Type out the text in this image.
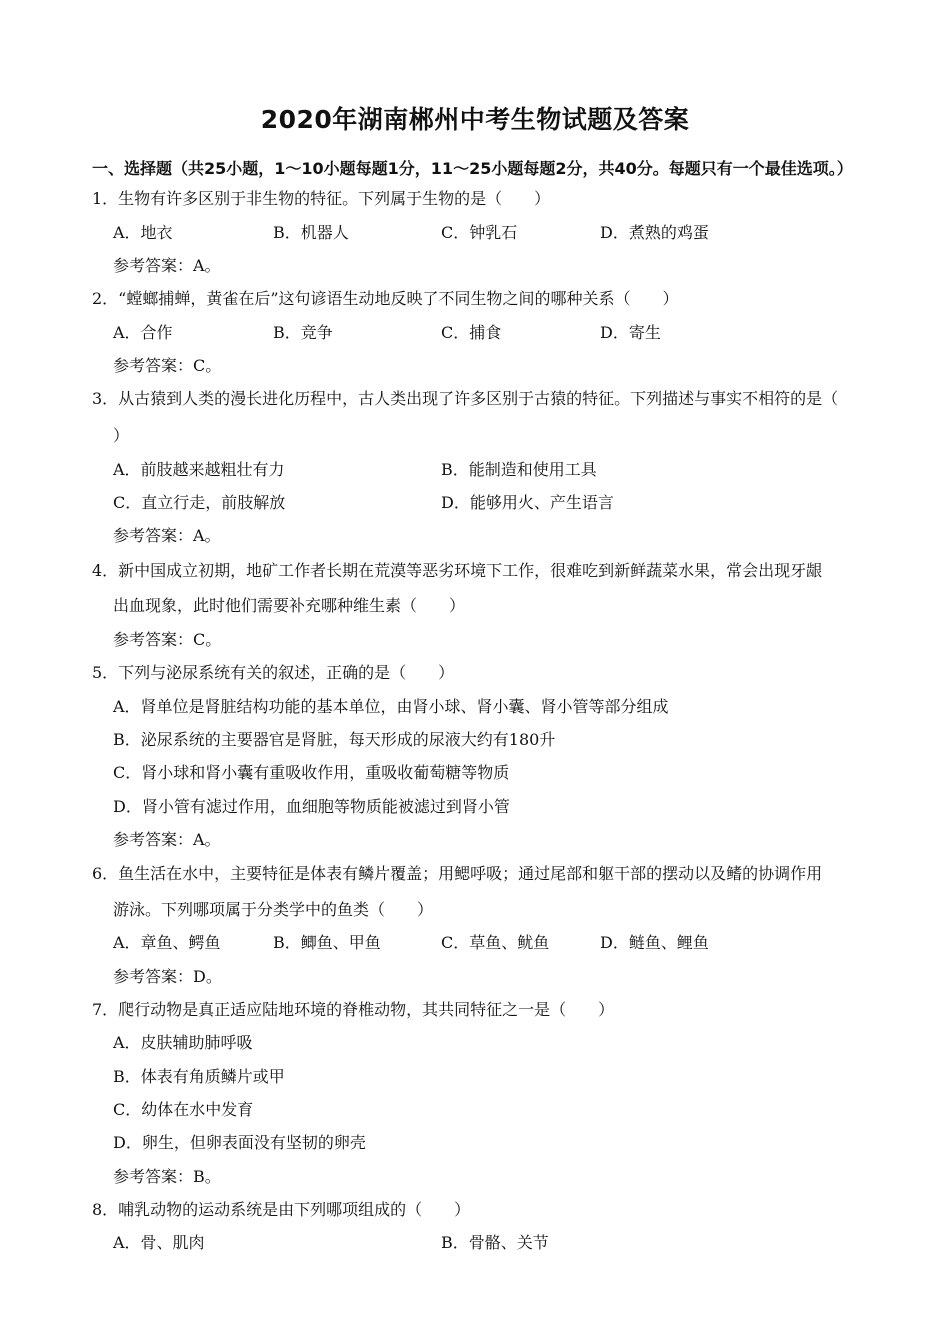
2020年湖南郴州中考生物试题及答案
一、选择题（共25小题，1～10小题每题1分，11～25小题每题2分，共40分。每题只有一个最佳选项。）
1．生物有许多区别于非生物的特征。下列属于生物的是（　　）
A．地衣	B．机器人	C．钟乳石	D．煮熟的鸡蛋
参考答案：A。
2．“螳螂捕蝉，黄雀在后”这句谚语生动地反映了不同生物之间的哪种关系（　　）
A．合作	B．竞争	C．捕食	D．寄生
参考答案：C。
3．从古猿到人类的漫长进化历程中，古人类出现了许多区别于古猿的特征。下列描述与事实不相符的是（
）
A．前肢越来越粗壮有力	B．能制造和使用工具
C．直立行走，前肢解放	D．能够用火、产生语言
参考答案：A。
4．新中国成立初期，地矿工作者长期在荒漠等恶劣环境下工作，很难吃到新鲜蔬菜水果，常会出现牙龈
出血现象，此时他们需要补充哪种维生素（　　）
参考答案：C。
5．下列与泌尿系统有关的叙述，正确的是（　　）
A．肾单位是肾脏结构功能的基本单位，由肾小球、肾小囊、肾小管等部分组成
B．泌尿系统的主要器官是肾脏，每天形成的尿液大约有180升
C．肾小球和肾小囊有重吸收作用，重吸收葡萄糖等物质
D．肾小管有滤过作用，血细胞等物质能被滤过到肾小管
参考答案：A。
6．鱼生活在水中，主要特征是体表有鳞片覆盖；用鳃呼吸；通过尾部和躯干部的摆动以及鳍的协调作用
游泳。下列哪项属于分类学中的鱼类（　　）
A．章鱼、鳄鱼	B．鲫鱼、甲鱼	C．草鱼、鱿鱼	D．鲢鱼、鲤鱼
参考答案：D。
7．爬行动物是真正适应陆地环境的脊椎动物，其共同特征之一是（　　）
A．皮肤辅助肺呼吸
B．体表有角质鳞片或甲
C．幼体在水中发育
D．卵生，但卵表面没有坚韧的卵壳
参考答案：B。
8．哺乳动物的运动系统是由下列哪项组成的（　　）
A．骨、肌肉	B．骨骼、关节
